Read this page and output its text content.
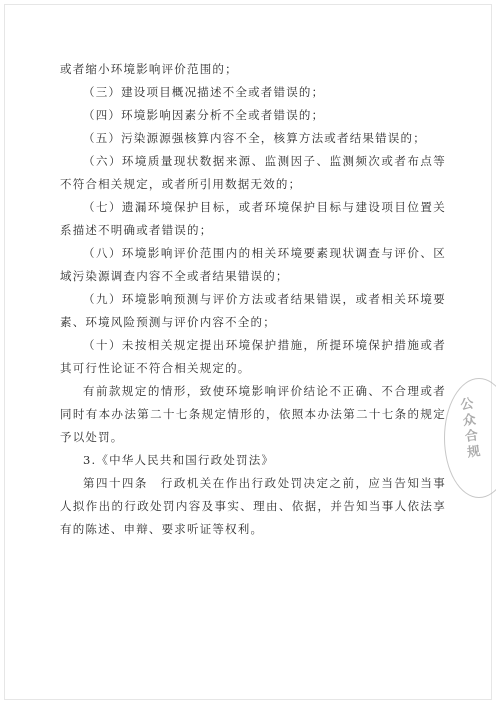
或者缩小环境影响评价范围的；

（三）建设项目概况描述不全或者错误的；

（四）环境影响因素分析不全或者错误的；

（五）污染源源强核算内容不全，核算方法或者结果错误的；

（六）环境质量现状数据来源、监测因子、监测频次或者布点等不符合相关规定，或者所引用数据无效的；

（七）遗漏环境保护目标，或者环境保护目标与建设项目位置关系描述不明确或者错误的；

（八）环境影响评价范围内的相关环境要素现状调查与评价、区域污染源调查内容不全或者结果错误的；

（九）环境影响预测与评价方法或者结果错误，或者相关环境要素、环境风险预测与评价内容不全的；

（十）未按相关规定提出环境保护措施，所提环境保护措施或者其可行性论证不符合相关规定的。

有前款规定的情形，致使环境影响评价结论不正确、不合理或者同时有本办法第二十七条规定情形的，依照本办法第二十七条的规定予以处罚。

3.《中华人民共和国行政处罚法》

第四十四条　行政机关在作出行政处罚决定之前，应当告知当事人拟作出的行政处罚内容及事实、理由、依据，并告知当事人依法享有的陈述、申辩、要求听证等权利。

公众合规
